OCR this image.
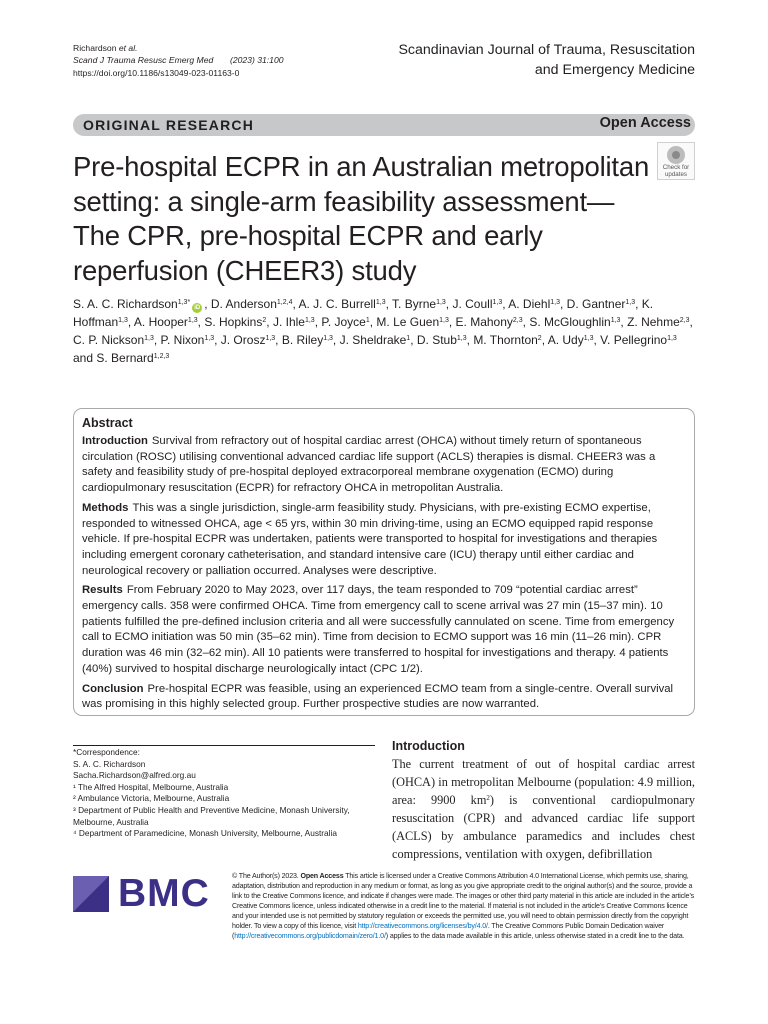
Richardson et al.
Scand J Trauma Resusc Emerg Med (2023) 31:100
https://doi.org/10.1186/s13049-023-01163-0
Scandinavian Journal of Trauma, Resuscitation and Emergency Medicine
ORIGINAL RESEARCH	Open Access
Pre-hospital ECPR in an Australian metropolitan setting: a single-arm feasibility assessment—The CPR, pre-hospital ECPR and early reperfusion (CHEER3) study
Check for
updates
S. A. C. Richardson$^{1,3*}$iD , D. Anderson$^{1,2,4}$, A. J. C. Burrell$^{1,3}$, T. Byrne$^{1,3}$, J. Coull$^{1,3}$, A. Diehl$^{1,3}$, D. Gantner$^{1,3}$, K. Hoffman$^{1,3}$, A. Hooper$^{1,3}$, S. Hopkins$^2$, J. Ihle$^{1,3}$, P. Joyce$^1$, M. Le Guen$^{1,3}$, E. Mahony$^{2,3}$, S. McGloughlin$^{1,3}$, Z. Nehme$^{2,3}$, C. P. Nickson$^{1,3}$, P. Nixon$^{1,3}$, J. Orosz$^{1,3}$, B. Riley$^{1,3}$, J. Sheldrake$^1$, D. Stub$^{1,3}$, M. Thornton$^2$, A. Udy$^{1,3}$, V. Pellegrino$^{1,3}$ and S. Bernard$^{1,2,3}$
Abstract

Introduction Survival from refractory out of hospital cardiac arrest (OHCA) without timely return of spontaneous circulation (ROSC) utilising conventional advanced cardiac life support (ACLS) therapies is dismal. CHEER3 was a safety and feasibility study of pre-hospital deployed extracorporeal membrane oxygenation (ECMO) during cardiopulmonary resuscitation (ECPR) for refractory OHCA in metropolitan Australia.

Methods This was a single jurisdiction, single-arm feasibility study. Physicians, with pre-existing ECMO expertise, responded to witnessed OHCA, age < 65 yrs, within 30 min driving-time, using an ECMO equipped rapid response vehicle. If pre-hospital ECPR was undertaken, patients were transported to hospital for investigations and therapies including emergent coronary catheterisation, and standard intensive care (ICU) therapy until either cardiac and neurological recovery or palliation occurred. Analyses were descriptive.

Results From February 2020 to May 2023, over 117 days, the team responded to 709 “potential cardiac arrest” emergency calls. 358 were confirmed OHCA. Time from emergency call to scene arrival was 27 min (15–37 min). 10 patients fulfilled the pre-defined inclusion criteria and all were successfully cannulated on scene. Time from emergency call to ECMO initiation was 50 min (35–62 min). Time from decision to ECMO support was 16 min (11–26 min). CPR duration was 46 min (32–62 min). All 10 patients were transferred to hospital for investigations and therapy. 4 patients (40%) survived to hospital discharge neurologically intact (CPC 1/2).

Conclusion Pre-hospital ECPR was feasible, using an experienced ECMO team from a single-centre. Overall survival was promising in this highly selected group. Further prospective studies are now warranted.

*Correspondence:
S. A. C. Richardson
Sacha.Richardson@alfred.org.au
¹ The Alfred Hospital, Melbourne, Australia
² Ambulance Victoria, Melbourne, Australia
³ Department of Public Health and Preventive Medicine, Monash University, Melbourne, Australia
⁴ Department of Paramedicine, Monash University, Melbourne, Australia
Introduction

The current treatment of out of hospital cardiac arrest (OHCA) in metropolitan Melbourne (population: 4.9 million, area: 9900 $km^2$) is conventional cardiopulmonary resuscitation (CPR) and advanced cardiac life support (ACLS) by ambulance paramedics and includes chest compressions, ventilation with oxygen, defibrillation

BMC	© The Author(s) 2023. Open Access This article is licensed under a Creative Commons Attribution 4.0 International License, which permits use, sharing, adaptation, distribution and reproduction in any medium or format, as long as you give appropriate credit to the original author(s) and the source, provide a link to the Creative Commons licence, and indicate if changes were made. The images or other third party material in this article are included in the article’s Creative Commons licence, unless indicated otherwise in a credit line to the material. If material is not included in the article’s Creative Commons licence and your intended use is not permitted by statutory regulation or exceeds the permitted use, you will need to obtain permission directly from the copyright holder. To view a copy of this licence, visit http://creativecommons.org/licenses/by/4.0/. The Creative Commons Public Domain Dedication waiver (http://creativecommons.org/publicdomain/zero/1.0/) applies to the data made available in this article, unless otherwise stated in a credit line to the data.
